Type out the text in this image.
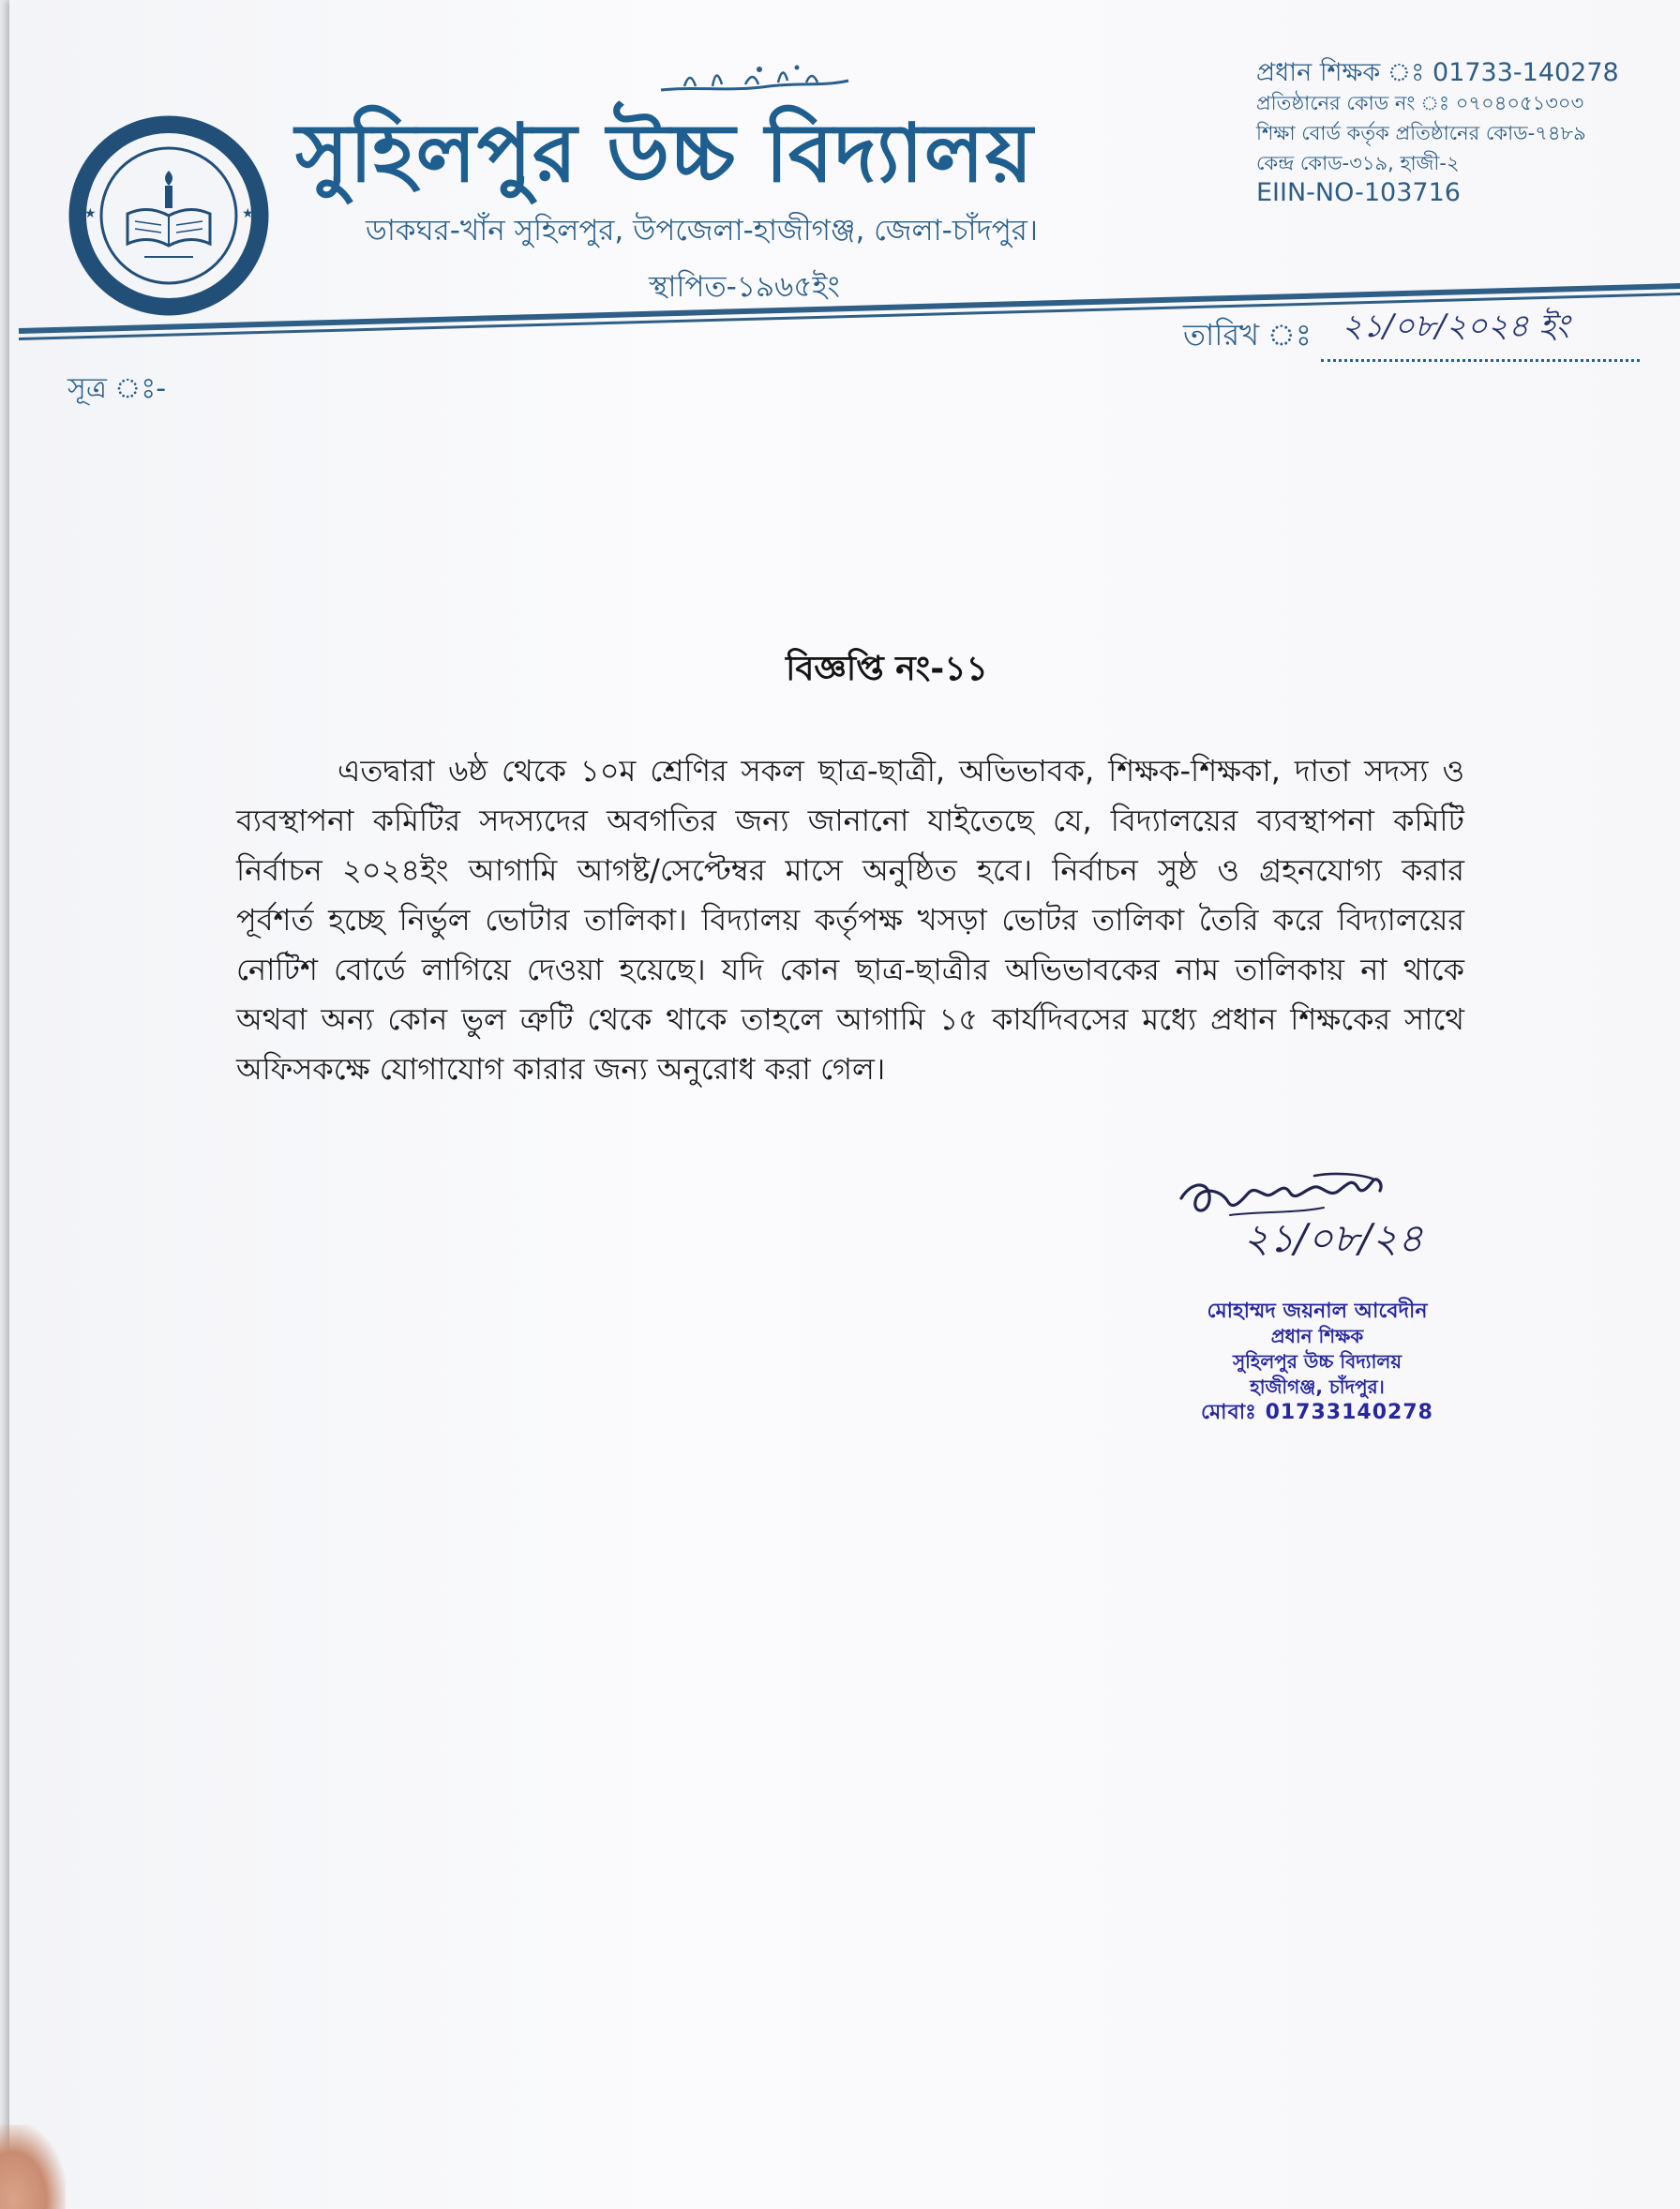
★	★
সুহিলপুর উচ্চ বিদ্যালয়
ডাকঘর-খাঁন সুহিলপুর, উপজেলা-হাজীগঞ্জ, জেলা-চাঁদপুর।
স্থাপিত-১৯৬৫ইং
প্রধান শিক্ষক ঃ 01733-140278
প্রতিষ্ঠানের কোড নং ঃ ০৭০৪০৫১৩০৩
শিক্ষা বোর্ড কর্তৃক প্রতিষ্ঠানের কোড-৭৪৮৯
কেন্দ্র কোড-৩১৯, হাজী-২
EIIN-NO-103716
তারিখ ঃ ২১/০৮/২০২৪ ইং
সূত্র ঃ-
বিজ্ঞপ্তি নং-১১

এতদ্বারা ৬ষ্ঠ থেকে ১০ম শ্রেণির সকল ছাত্র-ছাত্রী, অভিভাবক, শিক্ষক-শিক্ষকা, দাতা সদস্য ও
ব্যবস্থাপনা কমিটির সদস্যদের অবগতির জন্য জানানো যাইতেছে যে, বিদ্যালয়ের ব্যবস্থাপনা কমিটি
নির্বাচন ২০২৪ইং আগামি আগষ্ট/সেপ্টেম্বর মাসে অনুষ্ঠিত হবে। নির্বাচন সুষ্ঠ ও গ্রহনযোগ্য করার
পূর্বশর্ত হচ্ছে নির্ভুল ভোটার তালিকা। বিদ্যালয় কর্তৃপক্ষ খসড়া ভোটর তালিকা তৈরি করে বিদ্যালয়ের
নোটিশ বোর্ডে লাগিয়ে দেওয়া হয়েছে। যদি কোন ছাত্র-ছাত্রীর অভিভাবকের নাম তালিকায় না থাকে
অথবা অন্য কোন ভুল ত্রুটি থেকে থাকে তাহলে আগামি ১৫ কার্যদিবসের মধ্যে প্রধান শিক্ষকের সাথে
অফিসকক্ষে যোগাযোগ কারার জন্য অনুরোধ করা গেল।

২১/০৮/২৪
মোহাম্মদ জয়নাল আবেদীন
প্রধান শিক্ষক
সুহিলপুর উচ্চ বিদ্যালয়
হাজীগঞ্জ, চাঁদপুর।
মোবাঃ 01733140278
